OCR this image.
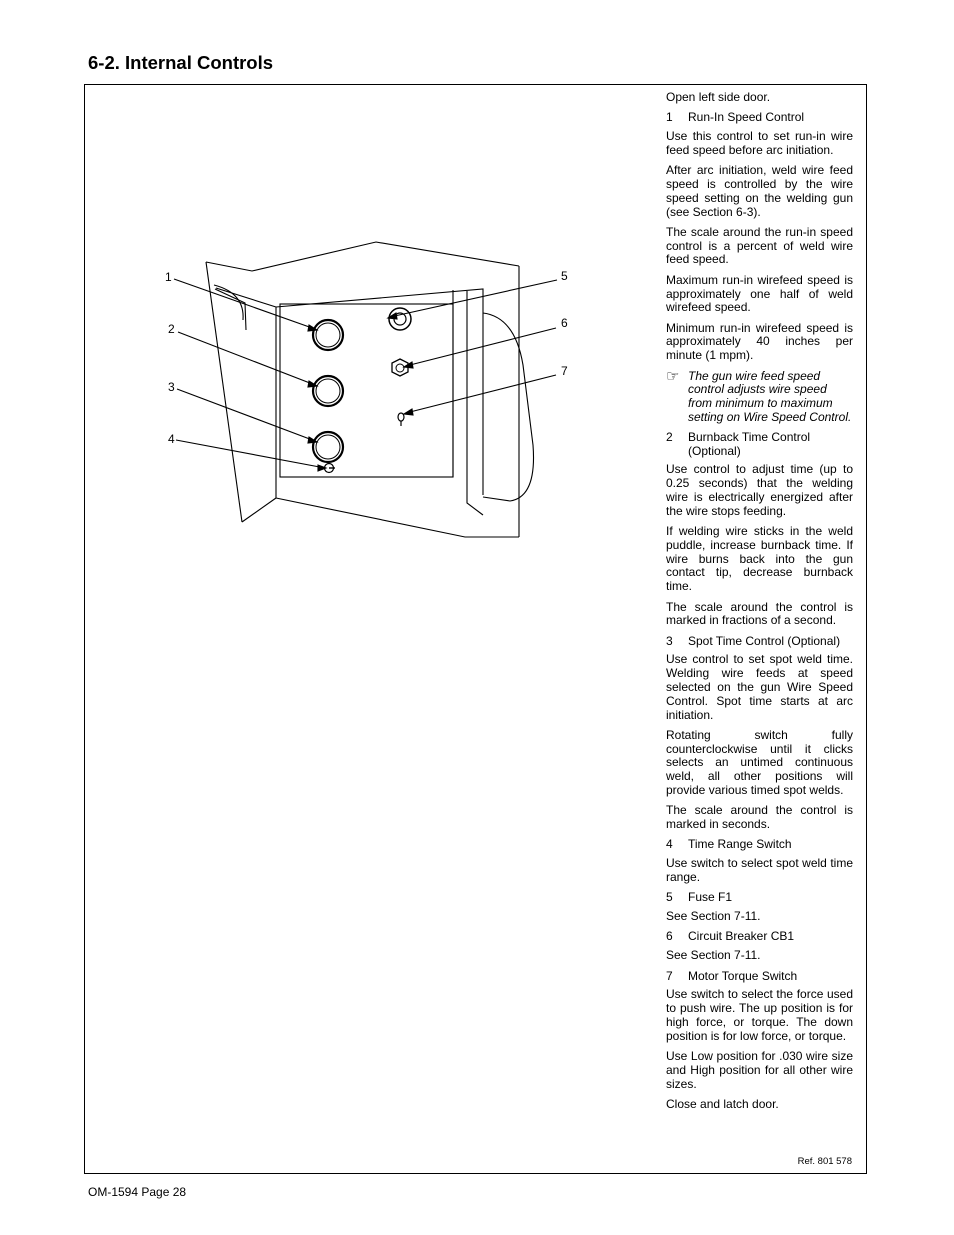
6-2. Internal Controls
1
2
3
4
5
6
7
Open left side door.
1	Run-In Speed Control
Use this control to set run-in wire feed speed before arc initiation.
After arc initiation, weld wire feed speed is controlled by the wire speed setting on the welding gun (see Section 6-3).
The scale around the run-in speed control is a percent of weld wire feed speed.
Maximum run-in wirefeed speed is approximately one half of weld wirefeed speed.
Minimum run-in wirefeed speed is approximately 40 inches per minute (1 mpm).
☞ The gun wire feed speed control adjusts wire speed from minimum to maximum setting on Wire Speed Control.
2	Burnback Time Control (Optional)
Use control to adjust time (up to 0.25 seconds) that the welding wire is electrically energized after the wire stops feeding.
If welding wire sticks in the weld puddle, increase burnback time. If wire burns back into the gun contact tip, decrease burnback time.
The scale around the control is marked in fractions of a second.
3	Spot Time Control (Optional)
Use control to set spot weld time. Welding wire feeds at speed selected on the gun Wire Speed Control. Spot time starts at arc initiation.
Rotating switch fully counterclockwise until it clicks selects an untimed continuous weld, all other positions will provide various timed spot welds.
The scale around the control is marked in seconds.
4	Time Range Switch
Use switch to select spot weld time range.
5	Fuse F1
See Section 7-11.
6	Circuit Breaker CB1
See Section 7-11.
7	Motor Torque Switch
Use switch to select the force used to push wire. The up position is for high force, or torque. The down position is for low force, or torque.
Use Low position for .030 wire size and High position for all other wire sizes.
Close and latch door.
Ref. 801 578
OM-1594 Page 28
